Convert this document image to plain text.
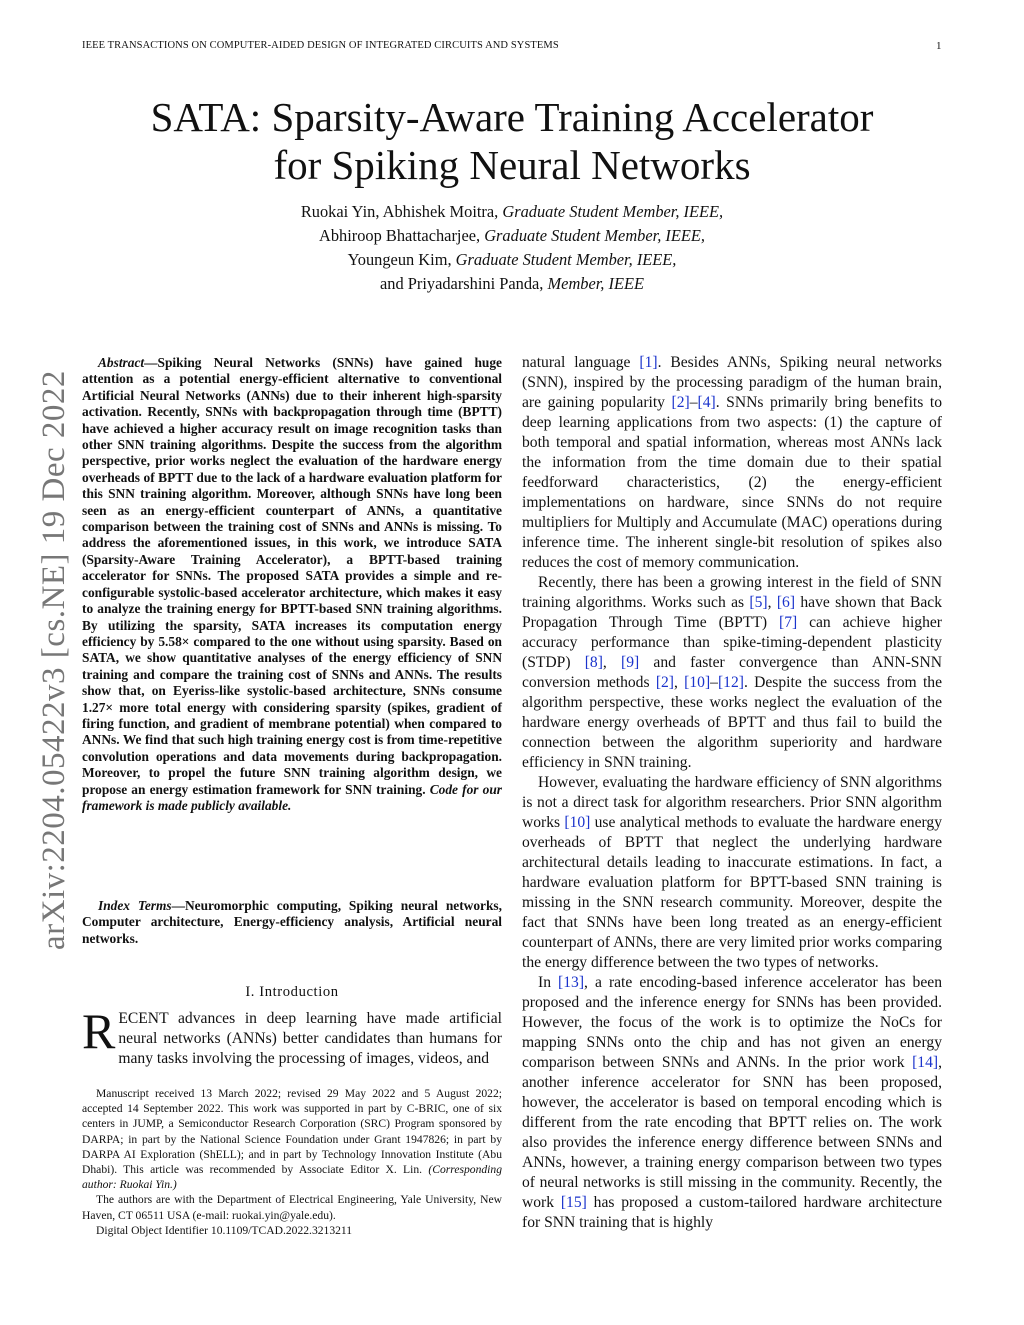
IEEE TRANSACTIONS ON COMPUTER-AIDED DESIGN OF INTEGRATED CIRCUITS AND SYSTEMS	1
SATA: Sparsity-Aware Training Accelerator
for Spiking Neural Networks
Ruokai Yin, Abhishek Moitra, Graduate Student Member, IEEE,
Abhiroop Bhattacharjee, Graduate Student Member, IEEE,
Youngeun Kim, Graduate Student Member, IEEE,
and Priyadarshini Panda, Member, IEEE
arXiv:2204.05422v3 [cs.NE] 19 Dec 2022
Abstract—Spiking Neural Networks (SNNs) have gained huge attention as a potential energy-efficient alternative to conventional Artificial Neural Networks (ANNs) due to their inherent high-sparsity activation. Recently, SNNs with backpropagation through time (BPTT) have achieved a higher accuracy result on image recognition tasks than other SNN training algorithms. Despite the success from the algorithm perspective, prior works neglect the evaluation of the hardware energy overheads of BPTT due to the lack of a hardware evaluation platform for this SNN training algorithm. Moreover, although SNNs have long been seen as an energy-efficient counterpart of ANNs, a quantitative comparison between the training cost of SNNs and ANNs is missing. To address the aforementioned issues, in this work, we introduce SATA (Sparsity-Aware Training Accelerator), a BPTT-based training accelerator for SNNs. The proposed SATA provides a simple and re-configurable systolic-based accelerator architecture, which makes it easy to analyze the training energy for BPTT-based SNN training algorithms. By utilizing the sparsity, SATA increases its computation energy efficiency by 5.58× compared to the one without using sparsity. Based on SATA, we show quantitative analyses of the energy efficiency of SNN training and compare the training cost of SNNs and ANNs. The results show that, on Eyeriss-like systolic-based architecture, SNNs consume 1.27× more total energy with considering sparsity (spikes, gradient of firing function, and gradient of membrane potential) when compared to ANNs. We find that such high training energy cost is from time-repetitive convolution operations and data movements during backpropagation. Moreover, to propel the future SNN training algorithm design, we propose an energy estimation framework for SNN training. Code for our framework is made publicly available.
Index Terms—Neuromorphic computing, Spiking neural networks, Computer architecture, Energy-efficiency analysis, Artificial neural networks.
I. Introduction
RECENT advances in deep learning have made artificial neural networks (ANNs) better candidates than humans for many tasks involving the processing of images, videos, and

Manuscript received 13 March 2022; revised 29 May 2022 and 5 August 2022; accepted 14 September 2022. This work was supported in part by C-BRIC, one of six centers in JUMP, a Semiconductor Research Corporation (SRC) Program sponsored by DARPA; in part by the National Science Foundation under Grant 1947826; in part by DARPA AI Exploration (ShELL); and in part by Technology Innovation Institute (Abu Dhabi). This article was recommended by Associate Editor X. Lin. (Corresponding author: Ruokai Yin.)

The authors are with the Department of Electrical Engineering, Yale University, New Haven, CT 06511 USA (e-mail: ruokai.yin@yale.edu).

Digital Object Identifier 10.1109/TCAD.2022.3213211

natural language [1]. Besides ANNs, Spiking neural networks (SNN), inspired by the processing paradigm of the human brain, are gaining popularity [2]–[4]. SNNs primarily bring benefits to deep learning applications from two aspects: (1) the capture of both temporal and spatial information, whereas most ANNs lack the information from the time domain due to their spatial feedforward characteristics, (2) the energy-efficient implementations on hardware, since SNNs do not require multipliers for Multiply and Accumulate (MAC) operations during inference time. The inherent single-bit resolution of spikes also reduces the cost of memory communication.

Recently, there has been a growing interest in the field of SNN training algorithms. Works such as [5], [6] have shown that Back Propagation Through Time (BPTT) [7] can achieve higher accuracy performance than spike-timing-dependent plasticity (STDP) [8], [9] and faster convergence than ANN-SNN conversion methods [2], [10]–[12]. Despite the success from the algorithm perspective, these works neglect the evaluation of the hardware energy overheads of BPTT and thus fail to build the connection between the algorithm superiority and hardware efficiency in SNN training.

However, evaluating the hardware efficiency of SNN algorithms is not a direct task for algorithm researchers. Prior SNN algorithm works [10] use analytical methods to evaluate the hardware energy overheads of BPTT that neglect the underlying hardware architectural details leading to inaccurate estimations. In fact, a hardware evaluation platform for BPTT-based SNN training is missing in the SNN research community. Moreover, despite the fact that SNNs have been long treated as an energy-efficient counterpart of ANNs, there are very limited prior works comparing the energy difference between the two types of networks.

In [13], a rate encoding-based inference accelerator has been proposed and the inference energy for SNNs has been provided. However, the focus of the work is to optimize the NoCs for mapping SNNs onto the chip and has not given an energy comparison between SNNs and ANNs. In the prior work [14], another inference accelerator for SNN has been proposed, however, the accelerator is based on temporal encoding which is different from the rate encoding that BPTT relies on. The work also provides the inference energy difference between SNNs and ANNs, however, a training energy comparison between two types of neural networks is still missing in the community. Recently, the work [15] has proposed a custom-tailored hardware architecture for SNN training that is highly
